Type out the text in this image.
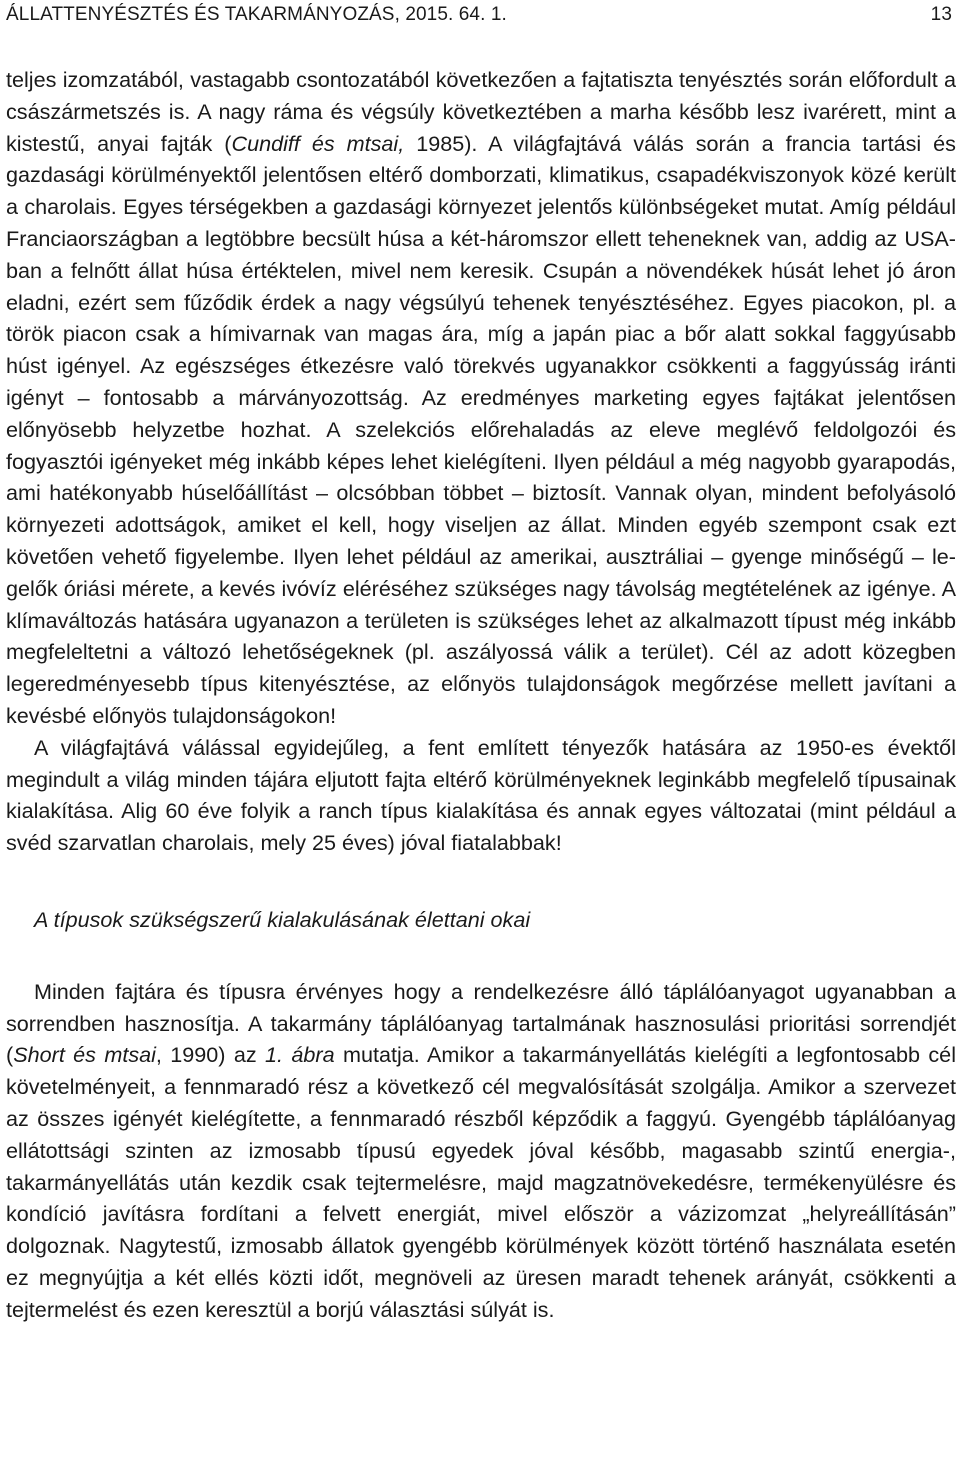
ÁLLATTENYÉSZTÉS ÉS TAKARMÁNYOZÁS, 2015. 64. 1.	13

teljes izomzatából, vastagabb csontozatából következően a fajtatiszta tenyésztés során előfordult a császármetszés is. A nagy ráma és végsúly következtében a marha később lesz ivarérett, mint a kistestű, anyai fajták (Cundiff és mtsai, 1985). A világfajtává válás során a francia tartási és gazdasági körülményektől jelentősen eltérő domborzati, klimatikus, csapadékviszonyok közé került a charolais. Egyes térségekben a gazdasági környezet jelentős különbségeket mutat. Amíg például Franciaországban a legtöbbre becsült húsa a két-háromszor ellett teheneknek van, addig az USA-ban a felnőtt állat húsa értéktelen, mivel nem keresik. Csupán a növendékek húsát lehet jó áron eladni, ezért sem fűződik érdek a nagy végsúlyú tehenek tenyésztéséhez. Egyes piacokon, pl. a török piacon csak a hímivarnak van magas ára, míg a japán piac a bőr alatt sokkal faggyúsabb húst igényel. Az egészséges étkezésre való törekvés ugyanakkor csökkenti a faggyússág iránti igényt – fontosabb a márványozottság. Az eredményes marketing egyes fajtákat jelentősen előnyösebb helyzetbe hozhat. A szelekciós előrehaladás az eleve meglévő feldolgozói és fogyasztói igényeket még inkább képes lehet kielégíteni. Ilyen például a még nagyobb gyarapodás, ami hatékonyabb húselőállítást – olcsóbban többet – biztosít. Vannak olyan, mindent befolyásoló környezeti adottságok, amiket el kell, hogy viseljen az állat. Minden egyéb szempont csak ezt követően vehető figyelembe. Ilyen lehet például az amerikai, ausztráliai – gyenge minőségű – legelők óriási mérete, a kevés ivóvíz eléréséhez szükséges nagy távolság megtételének az igénye. A klímaváltozás hatására ugyanazon a területen is szükséges lehet az alkalmazott típust még inkább megfeleltetni a változó lehetőségeknek (pl. aszályossá válik a terület). Cél az adott közegben legeredményesebb típus kitenyésztése, az előnyös tulajdonságok megőrzése mellett javítani a kevésbé előnyös tulajdonságokon!

A világfajtává válással egyidejűleg, a fent említett tényezők hatására az 1950-es évektől megindult a világ minden tájára eljutott fajta eltérő körülményeknek leginkább megfelelő típusainak kialakítása. Alig 60 éve folyik a ranch típus kialakítása és annak egyes változatai (mint például a svéd szarvatlan charolais, mely 25 éves) jóval fiatalabbak!

A típusok szükségszerű kialakulásának élettani okai

Minden fajtára és típusra érvényes hogy a rendelkezésre álló táplálóanyagot ugyanabban a sorrendben hasznosítja. A takarmány táplálóanyag tartalmának hasznosulási prioritási sorrendjét (Short és mtsai, 1990) az 1. ábra mutatja. Amikor a takarmányellátás kielégíti a legfontosabb cél követelményeit, a fennmaradó rész a következő cél megvalósítását szolgálja. Amikor a szervezet az összes igényét kielégítette, a fennmaradó részből képződik a faggyú. Gyengébb táplálóanyag ellátottsági szinten az izmosabb típusú egyedek jóval később, magasabb szintű energia-, takarmányellátás után kezdik csak tejtermelésre, majd magzatnövekedésre, termékenyülésre és kondíció javításra fordítani a felvett energiát, mivel először a vázizomzat „helyreállításán” dolgoznak. Nagytestű, izmosabb állatok gyengébb körülmények között történő használata esetén ez megnyújtja a két ellés közti időt, megnöveli az üresen maradt tehenek arányát, csökkenti a tejtermelést és ezen keresztül a borjú választási súlyát is.
